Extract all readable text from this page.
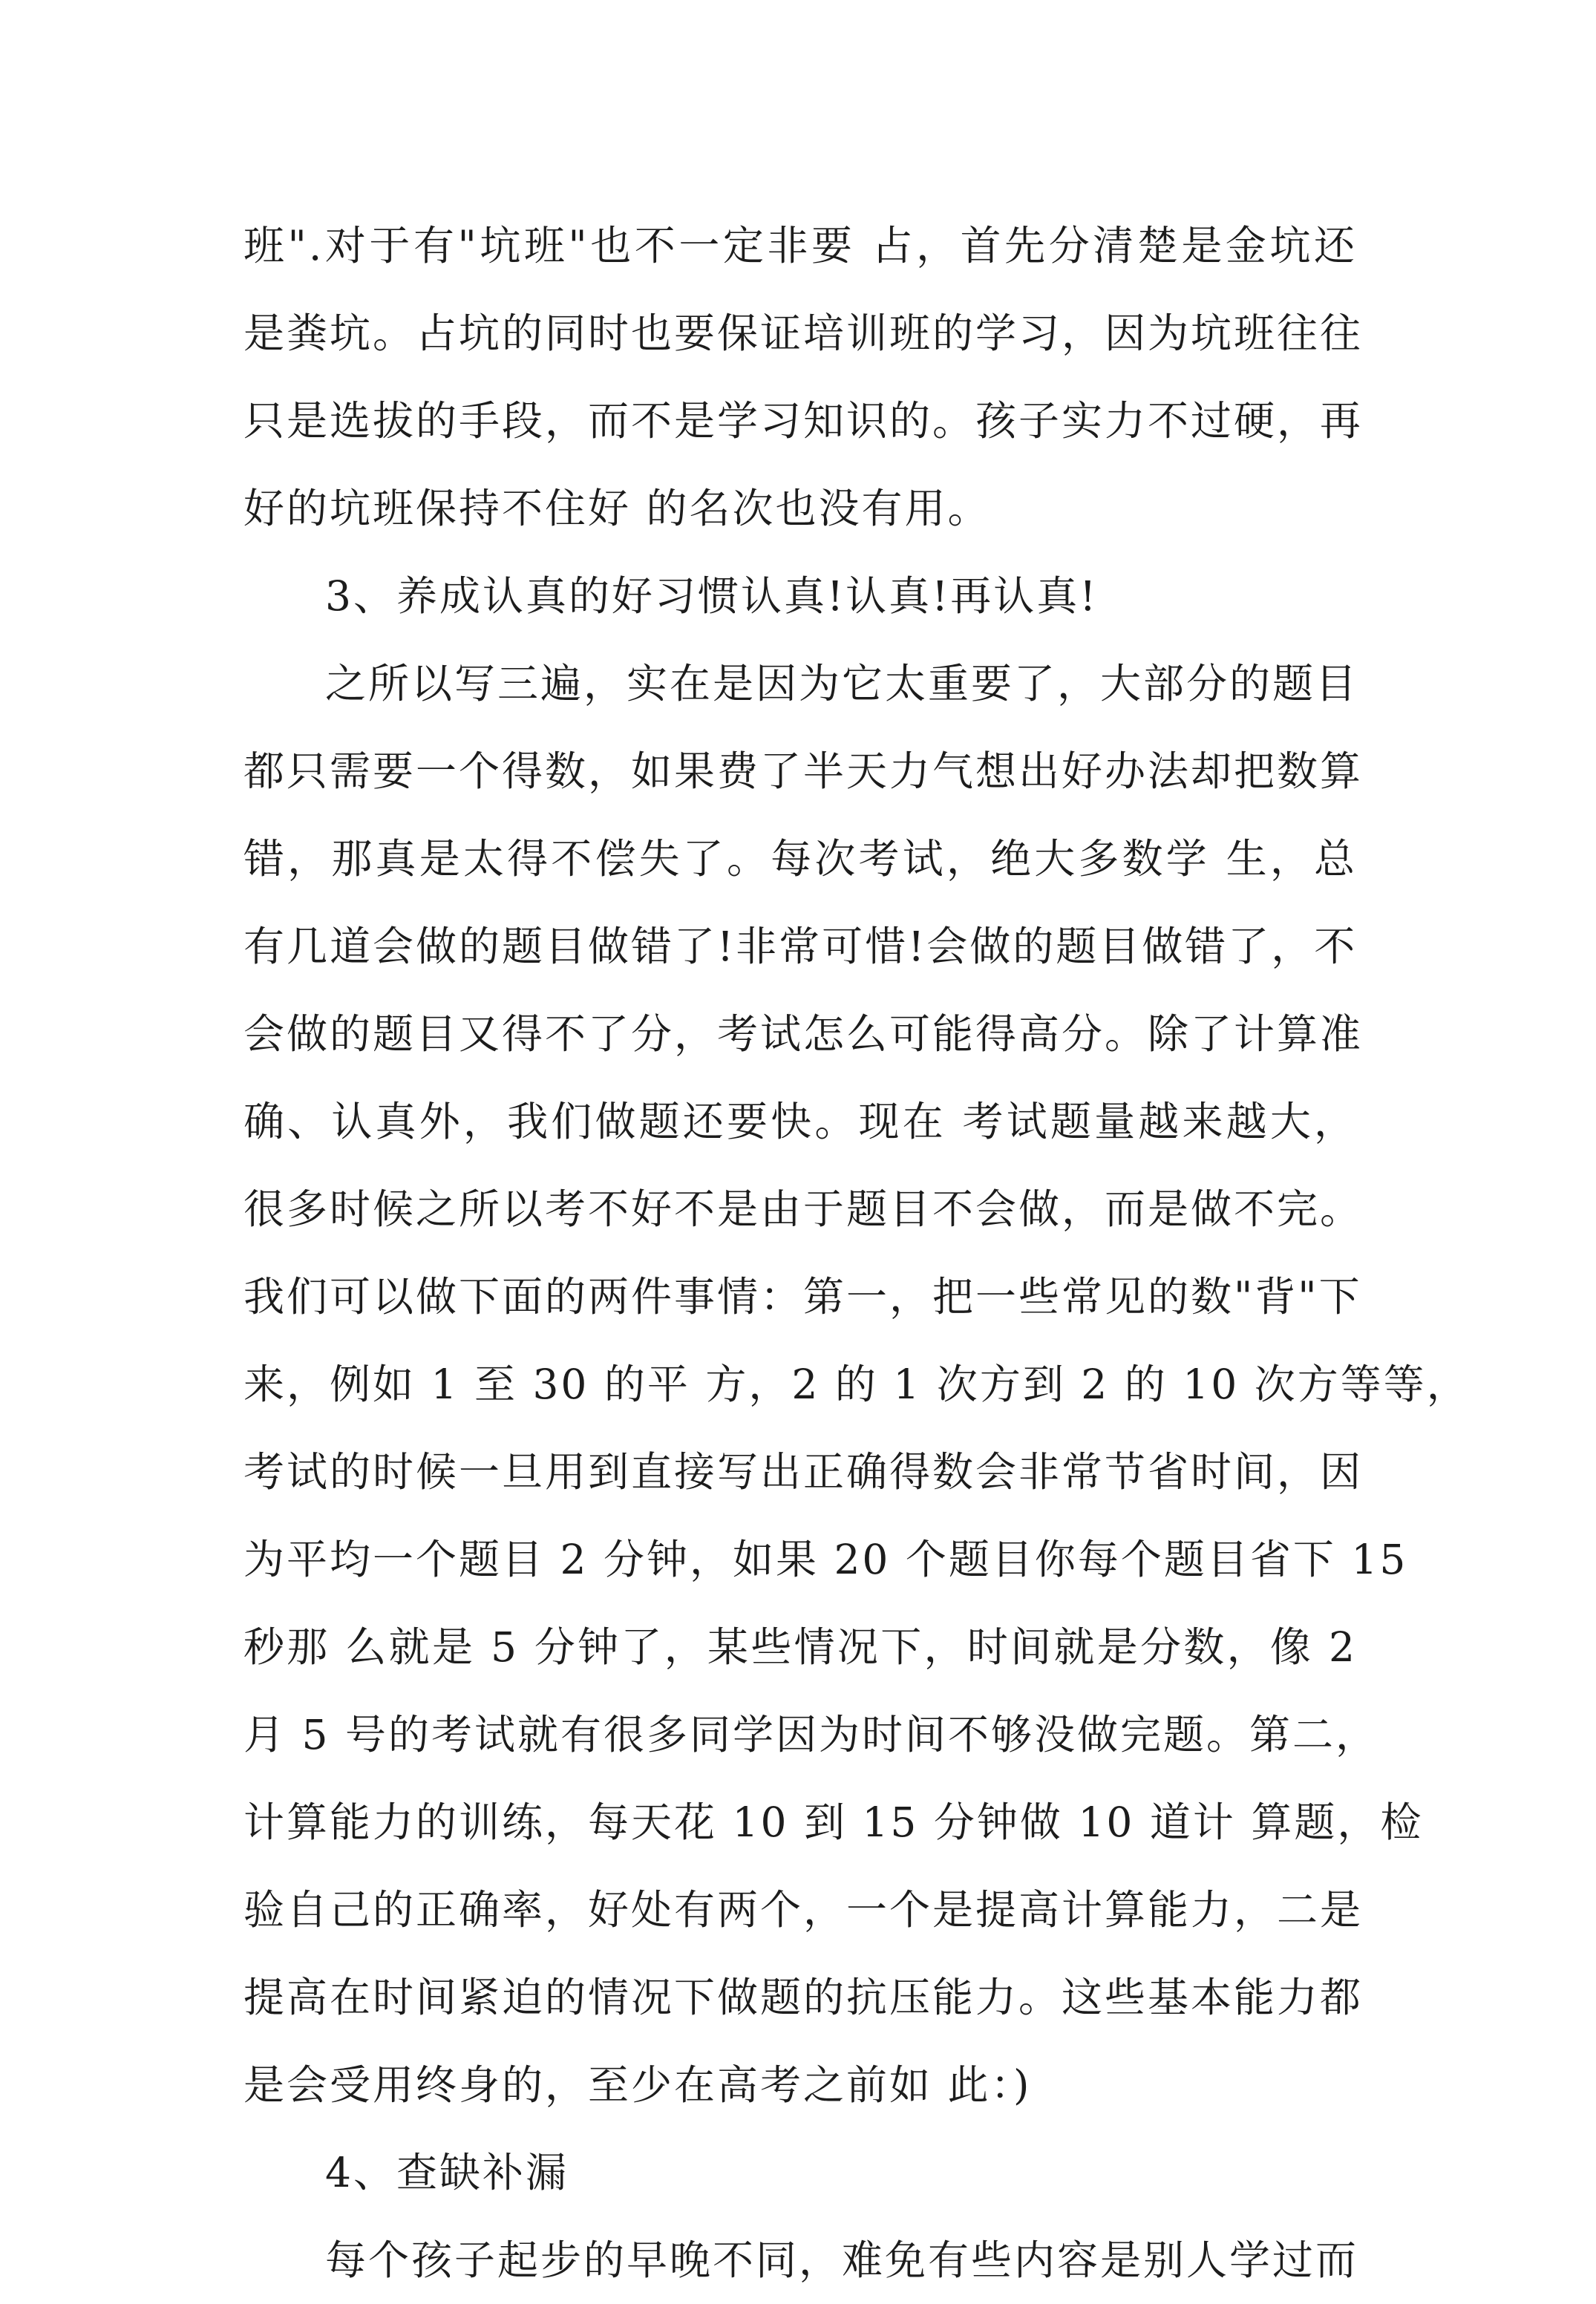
班".对于有"坑班"也不一定非要 占，首先分清楚是金坑还
是粪坑。占坑的同时也要保证培训班的学习，因为坑班往往
只是选拔的手段，而不是学习知识的。孩子实力不过硬，再
好的坑班保持不住好 的名次也没有用。
3、养成认真的好习惯认真!认真!再认真!
之所以写三遍，实在是因为它太重要了，大部分的题目
都只需要一个得数，如果费了半天力气想出好办法却把数算
错，那真是太得不偿失了。每次考试，绝大多数学 生，总
有几道会做的题目做错了!非常可惜!会做的题目做错了，不
会做的题目又得不了分，考试怎么可能得高分。除了计算准
确、认真外，我们做题还要快。现在 考试题量越来越大，
很多时候之所以考不好不是由于题目不会做，而是做不完。
我们可以做下面的两件事情：第一，把一些常见的数"背"下
来，例如 1 至 30 的平 方，2 的 1 次方到 2 的 10 次方等等，
考试的时候一旦用到直接写出正确得数会非常节省时间，因
为平均一个题目 2 分钟，如果 20 个题目你每个题目省下 15
秒那 么就是 5 分钟了，某些情况下，时间就是分数，像 2
月 5 号的考试就有很多同学因为时间不够没做完题。第二，
计算能力的训练，每天花 10 到 15 分钟做 10 道计 算题，检
验自己的正确率，好处有两个，一个是提高计算能力，二是
提高在时间紧迫的情况下做题的抗压能力。这些基本能力都
是会受用终身的，至少在高考之前如 此：)
4、查缺补漏
每个孩子起步的早晚不同，难免有些内容是别人学过而
